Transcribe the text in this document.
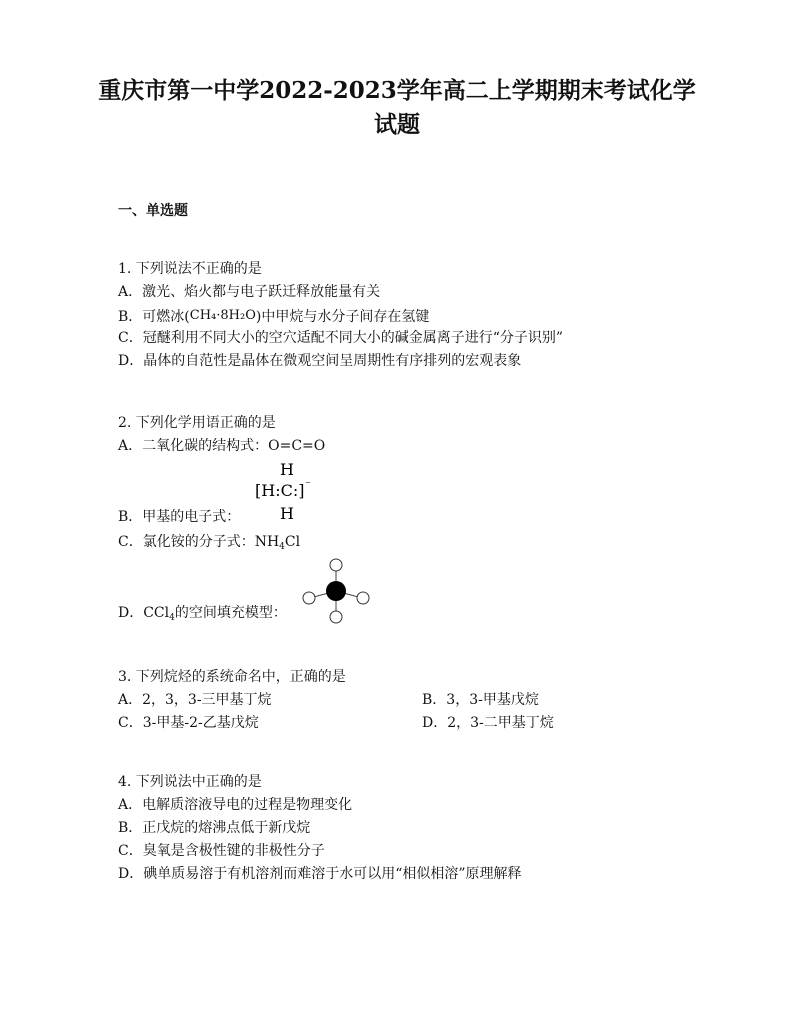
重庆市第一中学2022-2023学年高二上学期期末考试化学试题
一、单选题
1. 下列说法不正确的是
A．激光、焰火都与电子跃迁释放能量有关
B．可燃冰(CH₄·8H₂O)中甲烷与水分子间存在氢键
C．冠醚利用不同大小的空穴适配不同大小的碱金属离子进行“分子识别”
D．晶体的自范性是晶体在微观空间呈周期性有序排列的宏观表象
2. 下列化学用语正确的是
A．二氧化碳的结构式：O=C=O
B．甲基的电子式：
C．氯化铵的分子式：$NH_4Cl$
D．CCl$_4$的空间填充模型：
H
[H:C:] ⁻
H
3. 下列烷烃的系统命名中，正确的是
A．2，3，3-三甲基丁烷	B．3，3-甲基戊烷
C．3-甲基-2-乙基戊烷	D．2，3-二甲基丁烷
4. 下列说法中正确的是
A．电解质溶液导电的过程是物理变化
B．正戊烷的熔沸点低于新戊烷
C．臭氧是含极性键的非极性分子
D．碘单质易溶于有机溶剂而难溶于水可以用“相似相溶”原理解释
